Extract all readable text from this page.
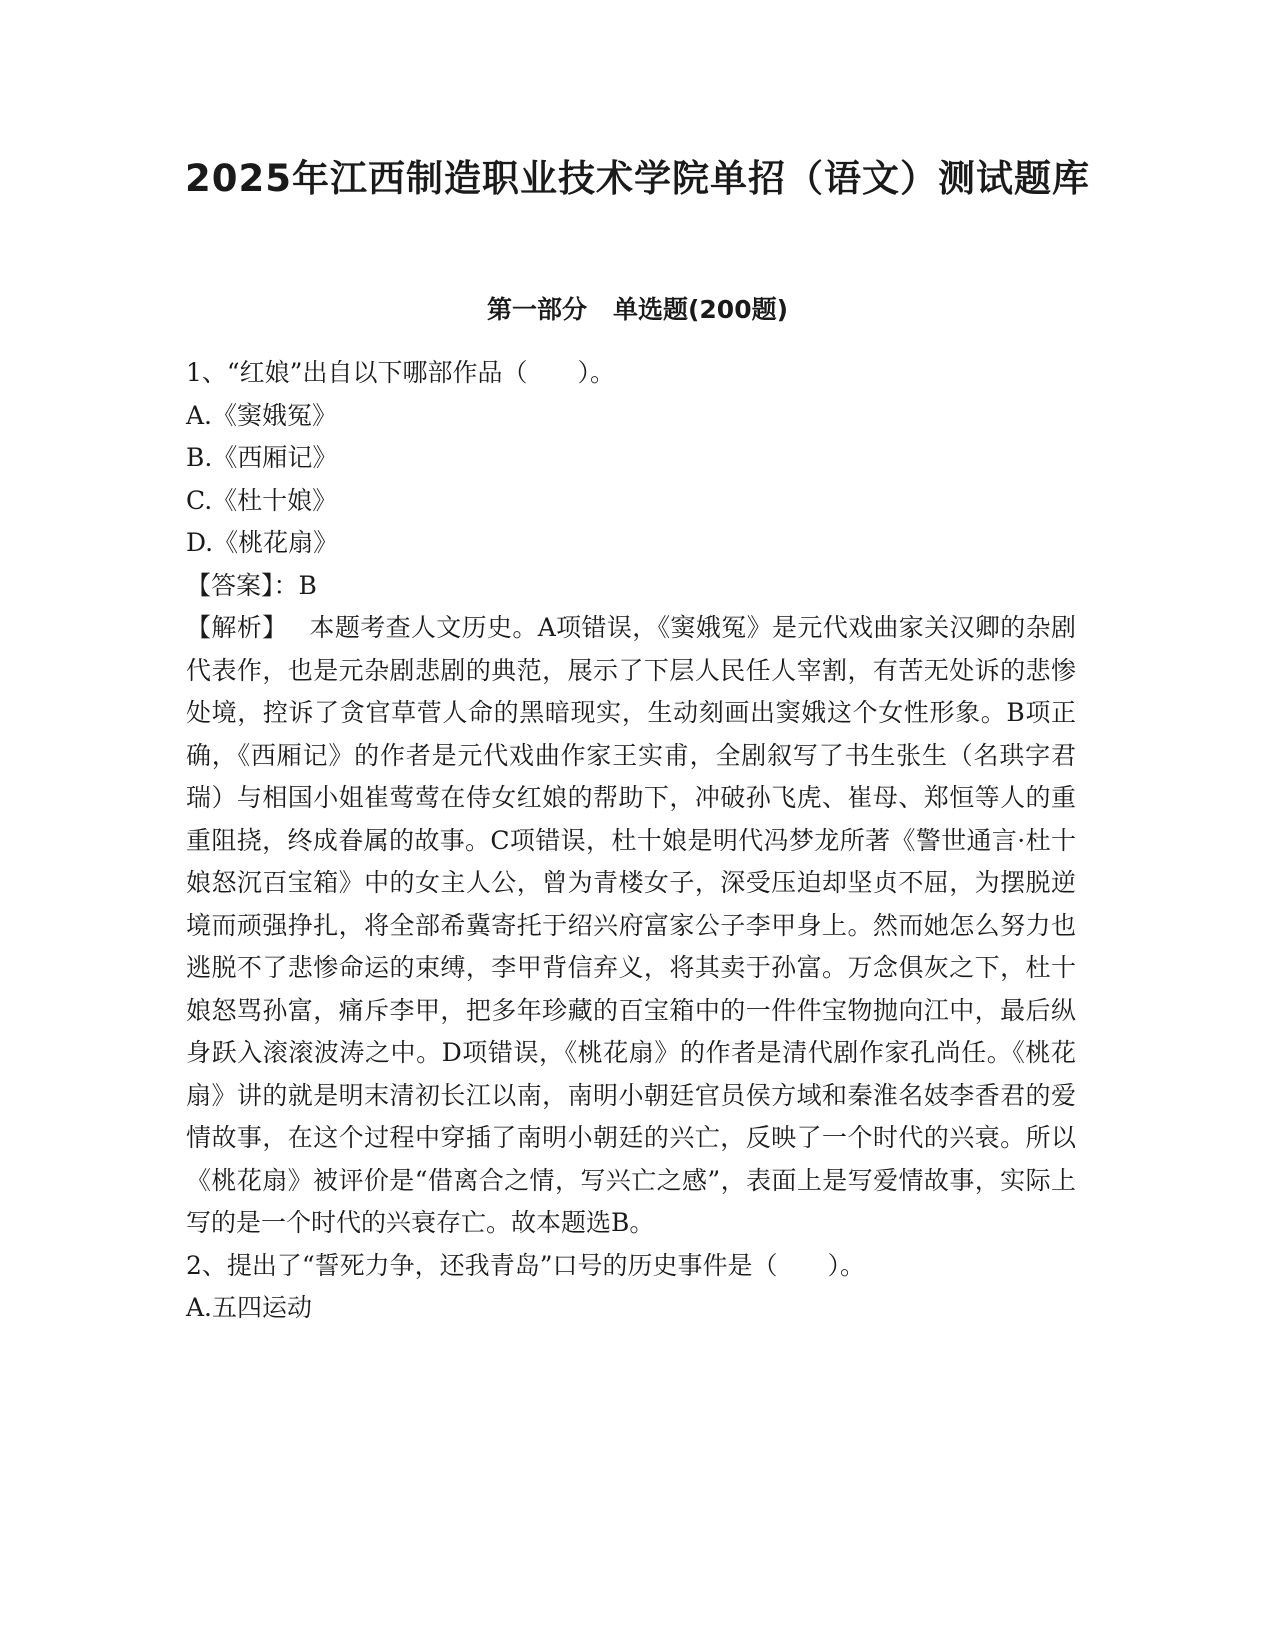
2025年江西制造职业技术学院单招（语文）测试题库
第一部分 单选题(200题)

1、“红娘”出自以下哪部作品（　　）。

A.《窦娥冤》

B.《西厢记》

C.《杜十娘》

D.《桃花扇》

【答案】：B

【解析】 本题考查人文历史。A项错误，《窦娥冤》是元代戏曲家关汉卿的杂剧代表作，也是元杂剧悲剧的典范，展示了下层人民任人宰割，有苦无处诉的悲惨处境，控诉了贪官草菅人命的黑暗现实，生动刻画出窦娥这个女性形象。B项正确，《西厢记》的作者是元代戏曲作家王实甫，全剧叙写了书生张生（名珙字君瑞）与相国小姐崔莺莺在侍女红娘的帮助下，冲破孙飞虎、崔母、郑恒等人的重重阻挠，终成眷属的故事。C项错误，杜十娘是明代冯梦龙所著《警世通言·杜十娘怒沉百宝箱》中的女主人公，曾为青楼女子，深受压迫却坚贞不屈，为摆脱逆境而顽强挣扎，将全部希冀寄托于绍兴府富家公子李甲身上。然而她怎么努力也逃脱不了悲惨命运的束缚，李甲背信弃义，将其卖于孙富。万念俱灰之下，杜十娘怒骂孙富，痛斥李甲，把多年珍藏的百宝箱中的一件件宝物抛向江中，最后纵身跃入滚滚波涛之中。D项错误，《桃花扇》的作者是清代剧作家孔尚任。《桃花扇》讲的就是明末清初长江以南，南明小朝廷官员侯方域和秦淮名妓李香君的爱情故事，在这个过程中穿插了南明小朝廷的兴亡，反映了一个时代的兴衰。所以《桃花扇》被评价是“借离合之情，写兴亡之感”，表面上是写爱情故事，实际上写的是一个时代的兴衰存亡。故本题选B。

2、提出了“誓死力争，还我青岛”口号的历史事件是（　　）。

A.五四运动
